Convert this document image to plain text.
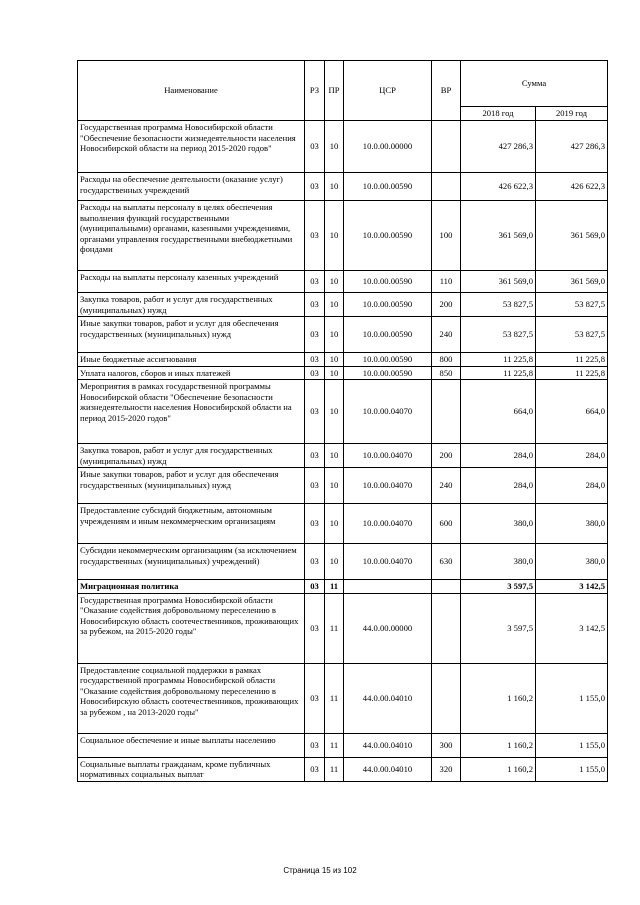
Наименование	РЗ	ПР	ЦСР	ВР	Сумма	
					2018 год	2019 год
Государственная программа Новосибирской области "Обеспечение безопасности жизнедеятельности населения Новосибирской области на период 2015-2020 годов"	03	10	10.0.00.00000		427 286,3	427 286,3
Расходы на обеспечение деятельности (оказание услуг) государственных учреждений	03	10	10.0.00.00590		426 622,3	426 622,3
Расходы на выплаты персоналу в целях обеспечения выполнения функций государственными (муниципальными) органами, казенными учреждениями, органами управления государственными внебюджетными фондами	03	10	10.0.00.00590	100	361 569,0	361 569,0
Расходы на выплаты персоналу казенных учреждений	03	10	10.0.00.00590	110	361 569,0	361 569,0
Закупка товаров, работ и услуг для государственных (муниципальных) нужд	03	10	10.0.00.00590	200	53 827,5	53 827,5
Иные закупки товаров, работ и услуг для обеспечения государственных (муниципальных) нужд	03	10	10.0.00.00590	240	53 827,5	53 827,5
Иные бюджетные ассигнования	03	10	10.0.00.00590	800	11 225,8	11 225,8
Уплата налогов, сборов и иных платежей	03	10	10.0.00.00590	850	11 225,8	11 225,8
Мероприятия в рамках государственной программы Новосибирской области "Обеспечение безопасности жизнедеятельности населения Новосибирской области на период 2015-2020 годов"	03	10	10.0.00.04070		664,0	664,0
Закупка товаров, работ и услуг для государственных (муниципальных) нужд	03	10	10.0.00.04070	200	284,0	284,0
Иные закупки товаров, работ и услуг для обеспечения государственных (муниципальных) нужд	03	10	10.0.00.04070	240	284,0	284,0
Предоставление субсидий бюджетным, автономным учреждениям и иным некоммерческим организациям	03	10	10.0.00.04070	600	380,0	380,0
Субсидии некоммерческим организациям (за исключением государственных (муниципальных) учреждений)	03	10	10.0.00.04070	630	380,0	380,0
Миграционная политика	03	11			3 597,5	3 142,5
Государственная программа Новосибирской области "Оказание содействия добровольному переселению в Новосибирскую область соотечественников, проживающих за рубежом, на 2015-2020 годы"	03	11	44.0.00.00000		3 597,5	3 142,5
Предоставление социальной поддержки в рамках государственной программы Новосибирской области "Оказание содействия добровольному переселению в Новосибирскую область соотечественников, проживающих за рубежом , на 2013-2020 годы"	03	11	44.0.00.04010		1 160,2	1 155,0
Социальное обеспечение и иные выплаты населению	03	11	44.0.00.04010	300	1 160,2	1 155,0
Социальные выплаты гражданам, кроме публичных нормативных социальных выплат	03	11	44.0.00.04010	320	1 160,2	1 155,0
Страница 15 из 102
